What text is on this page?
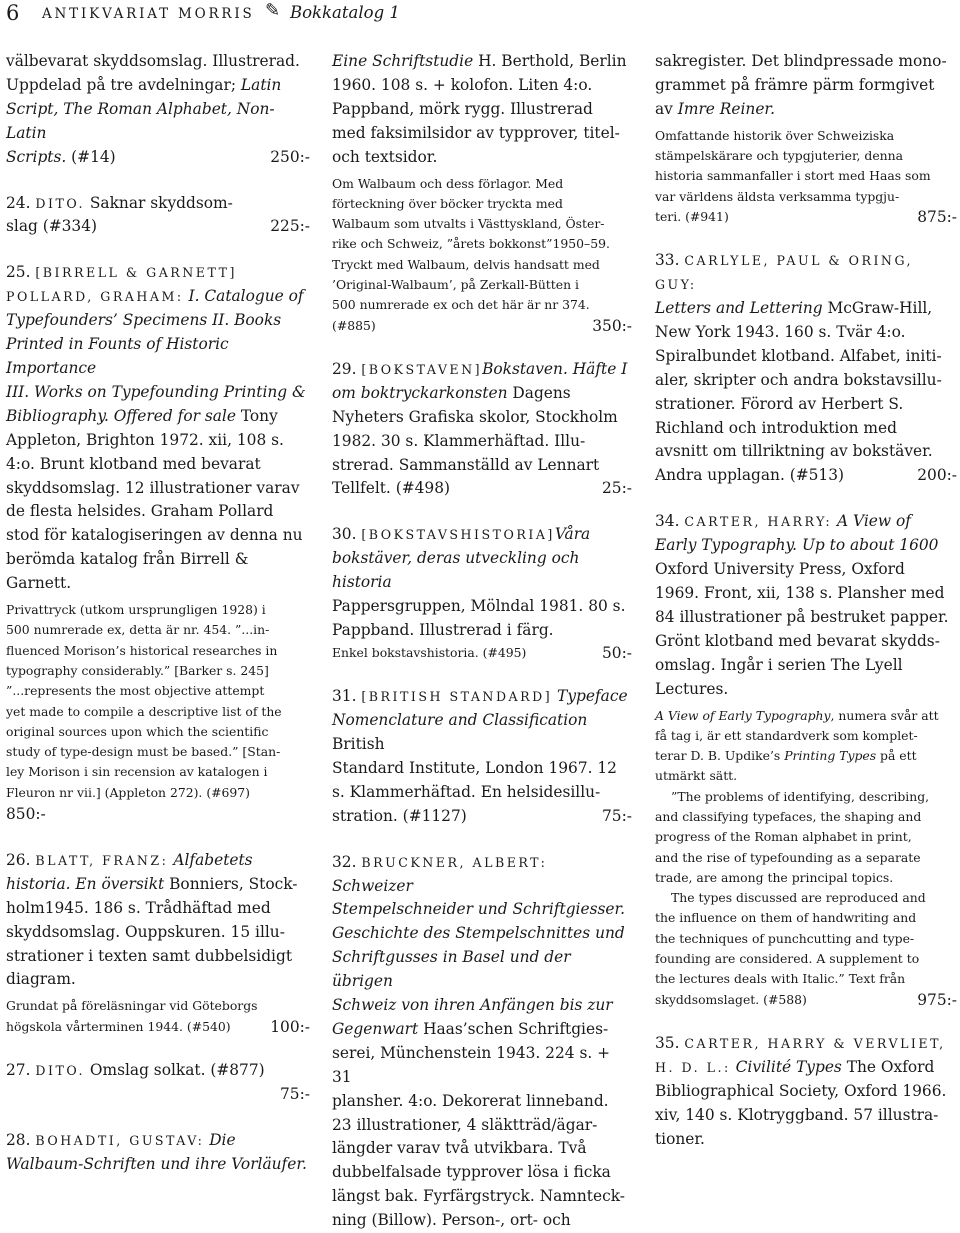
6 ANTIKVARIAT MORRIS ✎ Bokkatalog 1

välbevarat skyddsomslag. Illustrerad.

Uppdelad på tre avdelningar; Latin

Script, The Roman Alphabet, Non-Latin

Scripts. (#14)	250:-

24. DITO. Saknar skyddsom-

slag (#334)	225:-

25. [BIRRELL & GARNETT]

POLLARD, GRAHAM: I. Catalogue of

Typefounders’ Specimens II. Books

Printed in Founts of Historic Importance

III. Works on Typefounding Printing &

Bibliography. Offered for sale Tony

Appleton, Brighton 1972. xii, 108 s.

4:o. Brunt klotband med bevarat

skyddsomslag. 12 illustrationer varav

de flesta helsides. Graham Pollard

stod för katalogiseringen av denna nu

berömda katalog från Birrell &

Garnett.

Privattryck (utkom ursprungligen 1928) i

500 numrerade ex, detta är nr. 454. ”...in-

fluenced Morison’s historical researches in

typography considerably.” [Barker s. 245]

”...represents the most objective attempt

yet made to compile a descriptive list of the

original sources upon which the scientific

study of type-design must be based.” [Stan-

ley Morison i sin recension av katalogen i

Fleuron nr vii.] (Appleton 272). (#697)

850:-

26. BLATT, FRANZ: Alfabetets

historia. En översikt Bonniers, Stock-

holm1945. 186 s. Trådhäftad med

skyddsomslag. Ouppskuren. 15 illu-

strationer i texten samt dubbelsidigt

diagram.

Grundat på föreläsningar vid Göteborgs

högskola vårterminen 1944. (#540)	100:-

27. DITO. Omslag solkat. (#877)

75:-

28. BOHADTI, GUSTAV: Die

Walbaum-Schriften und ihre Vorläufer.

Eine Schriftstudie H. Berthold, Berlin

1960. 108 s. + kolofon. Liten 4:o.

Pappband, mörk rygg. Illustrerad

med faksimilsidor av typprover, titel-

och textsidor.

Om Walbaum och dess förlagor. Med

förteckning över böcker tryckta med

Walbaum som utvalts i Västtyskland, Öster-

rike och Schweiz, ”årets bokkonst”1950–59.

Tryckt med Walbaum, delvis handsatt med

’Original-Walbaum’, på Zerkall-Bütten i

500 numrerade ex och det här är nr 374.

(#885)	350:-

29. [BOKSTAVEN]Bokstaven. Häfte I

om boktryckarkonsten Dagens

Nyheters Grafiska skolor, Stockholm

1982. 30 s. Klammerhäftad. Illu-

strerad. Sammanställd av Lennart

Tellfelt. (#498)	25:-

30. [BOKSTAVSHISTORIA]Våra

bokstäver, deras utveckling och historia

Pappersgruppen, Mölndal 1981. 80 s.

Pappband. Illustrerad i färg.

Enkel bokstavshistoria. (#495)	50:-

31. [BRITISH STANDARD] Typeface

Nomenclature and Classification British

Standard Institute, London 1967. 12

s. Klammerhäftad. En helsidesillu-

stration. (#1127)	75:-

32. BRUCKNER, ALBERT: Schweizer

Stempelschneider und Schriftgiesser.

Geschichte des Stempelschnittes und

Schriftgusses in Basel und der übrigen

Schweiz von ihren Anfängen bis zur

Gegenwart Haas’schen Schriftgies-

serei, Münchenstein 1943. 224 s. + 31

plansher. 4:o. Dekorerat linneband.

23 illustrationer, 4 släktträd/ägar-

längder varav två utvikbara. Två

dubbelfalsade typprover lösa i ficka

längst bak. Fyrfärgstryck. Namnteck-

ning (Billow). Person-, ort- och

sakregister. Det blindpressade mono-

grammet på främre pärm formgivet

av Imre Reiner.

Omfattande historik över Schweiziska

stämpelskärare och typgjuterier, denna

historia sammanfaller i stort med Haas som

var världens äldsta verksamma typgju-

teri. (#941)	875:-

33. CARLYLE, PAUL & ORING, GUY:

Letters and Lettering McGraw-Hill,

New York 1943. 160 s. Tvär 4:o.

Spiralbundet klotband. Alfabet, initi-

aler, skripter och andra bokstavsillu-

strationer. Förord av Herbert S.

Richland och introduktion med

avsnitt om tillriktning av bokstäver.

Andra upplagan. (#513)	200:-

34. CARTER, HARRY: A View of

Early Typography. Up to about 1600

Oxford University Press, Oxford

1969. Front, xii, 138 s. Plansher med

84 illustrationer på bestruket papper.

Grönt klotband med bevarat skydds-

omslag. Ingår i serien The Lyell

Lectures.

A View of Early Typography, numera svår att

få tag i, är ett standardverk som komplet-

terar D. B. Updike’s Printing Types på ett

utmärkt sätt.

”The problems of identifying, describing,

and classifying typefaces, the shaping and

progress of the Roman alphabet in print,

and the rise of typefounding as a separate

trade, are among the principal topics.

The types discussed are reproduced and

the influence on them of handwriting and

the techniques of punchcutting and type-

founding are considered. A supplement to

the lectures deals with Italic.” Text från

skyddsomslaget. (#588)	975:-

35. CARTER, HARRY & VERVLIET,

H. D. L.: Civilité Types The Oxford

Bibliographical Society, Oxford 1966.

xiv, 140 s. Klotryggband. 57 illustra-

tioner.
